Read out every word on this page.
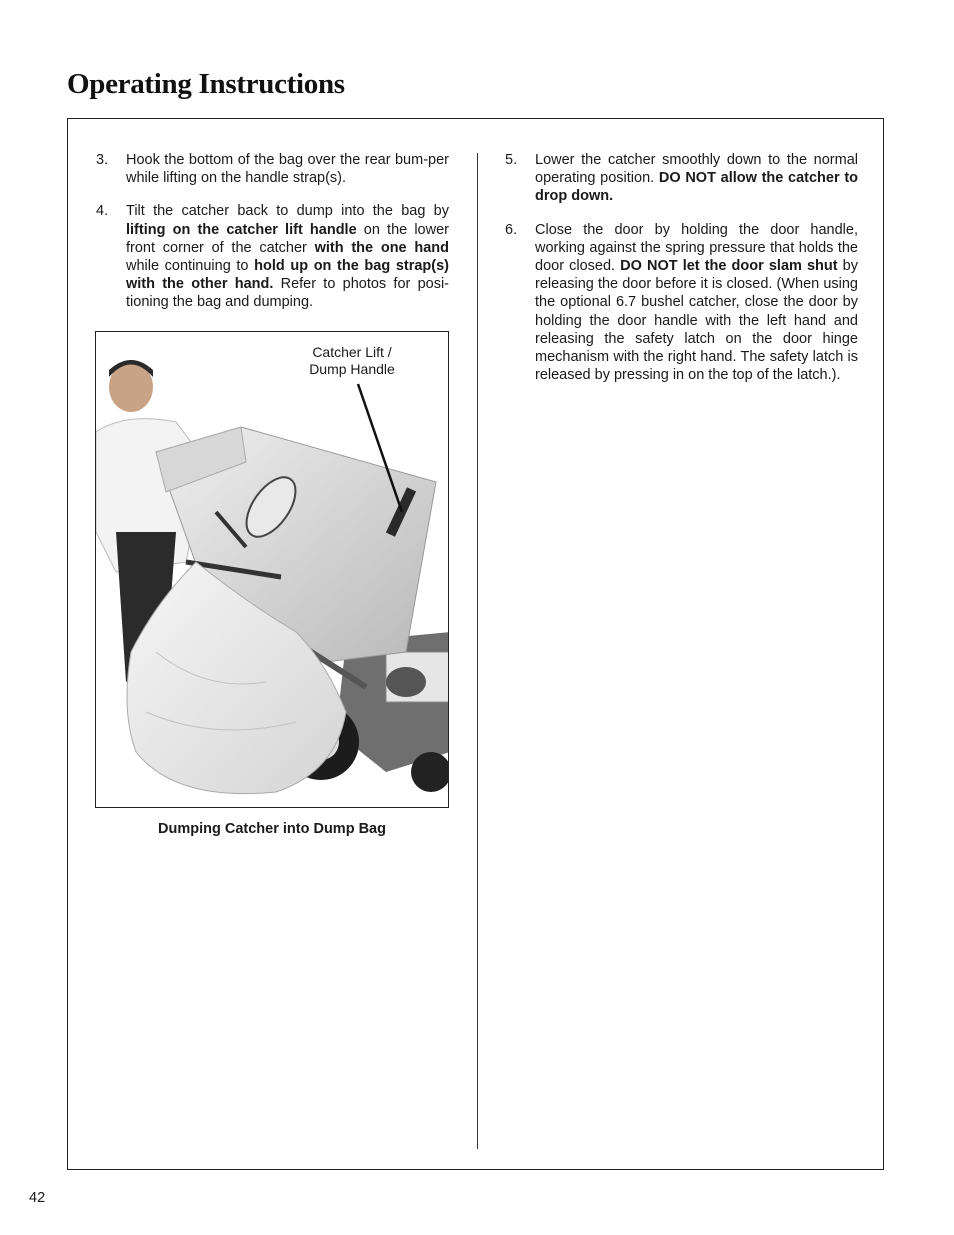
Operating Instructions
3.	Hook the bottom of the bag over the rear bum-per while lifting on the handle strap(s).
4.	Tilt the catcher back to dump into the bag by lifting on the catcher lift handle on the lower front corner of the catcher with the one hand while continuing to hold up on the bag strap(s) with the other hand. Refer to photos for posi-tioning the bag and dumping.
Catcher Lift /
Dump Handle
Dumping Catcher into Dump Bag
5.	Lower the catcher smoothly down to the normal operating position. DO NOT allow the catcher to drop down.
6.	Close the door by holding the door handle, working against the spring pressure that holds the door closed. DO NOT let the door slam shut by releasing the door before it is closed. (When using the optional 6.7 bushel catcher, close the door by holding the door handle with the left hand and releasing the safety latch on the door hinge mechanism with the right hand. The safety latch is released by pressing in on the top of the latch.).
42
